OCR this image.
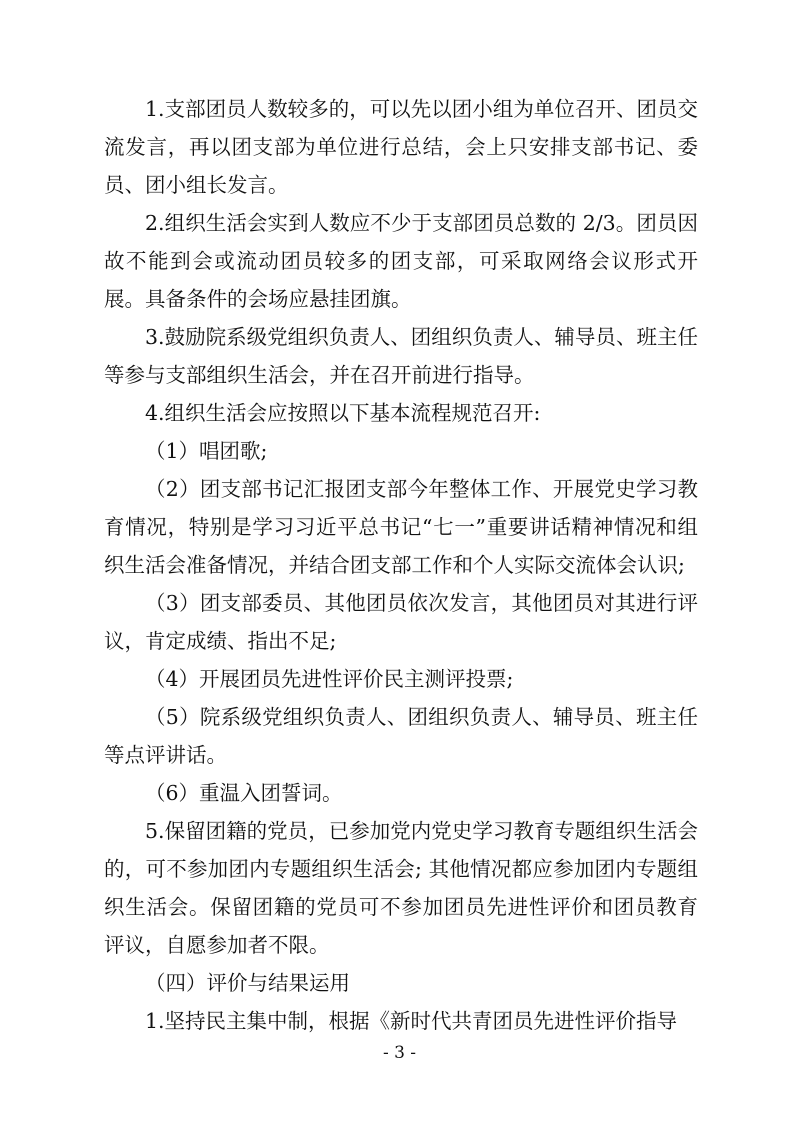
1.支部团员人数较多的，可以先以团小组为单位召开、团员交流发言，再以团支部为单位进行总结，会上只安排支部书记、委员、团小组长发言。

2.组织生活会实到人数应不少于支部团员总数的 2/3。团员因故不能到会或流动团员较多的团支部，可采取网络会议形式开展。具备条件的会场应悬挂团旗。

3.鼓励院系级党组织负责人、团组织负责人、辅导员、班主任等参与支部组织生活会，并在召开前进行指导。

4.组织生活会应按照以下基本流程规范召开:

（1）唱团歌;

（2）团支部书记汇报团支部今年整体工作、开展党史学习教育情况，特别是学习习近平总书记“七一”重要讲话精神情况和组织生活会准备情况，并结合团支部工作和个人实际交流体会认识;

（3）团支部委员、其他团员依次发言，其他团员对其进行评议，肯定成绩、指出不足;

（4）开展团员先进性评价民主测评投票;

（5）院系级党组织负责人、团组织负责人、辅导员、班主任等点评讲话。

（6）重温入团誓词。

5.保留团籍的党员，已参加党内党史学习教育专题组织生活会的，可不参加团内专题组织生活会; 其他情况都应参加团内专题组织生活会。保留团籍的党员可不参加团员先进性评价和团员教育评议，自愿参加者不限。

（四）评价与结果运用

1.坚持民主集中制，根据《新时代共青团员先进性评价指导

- 3 -
